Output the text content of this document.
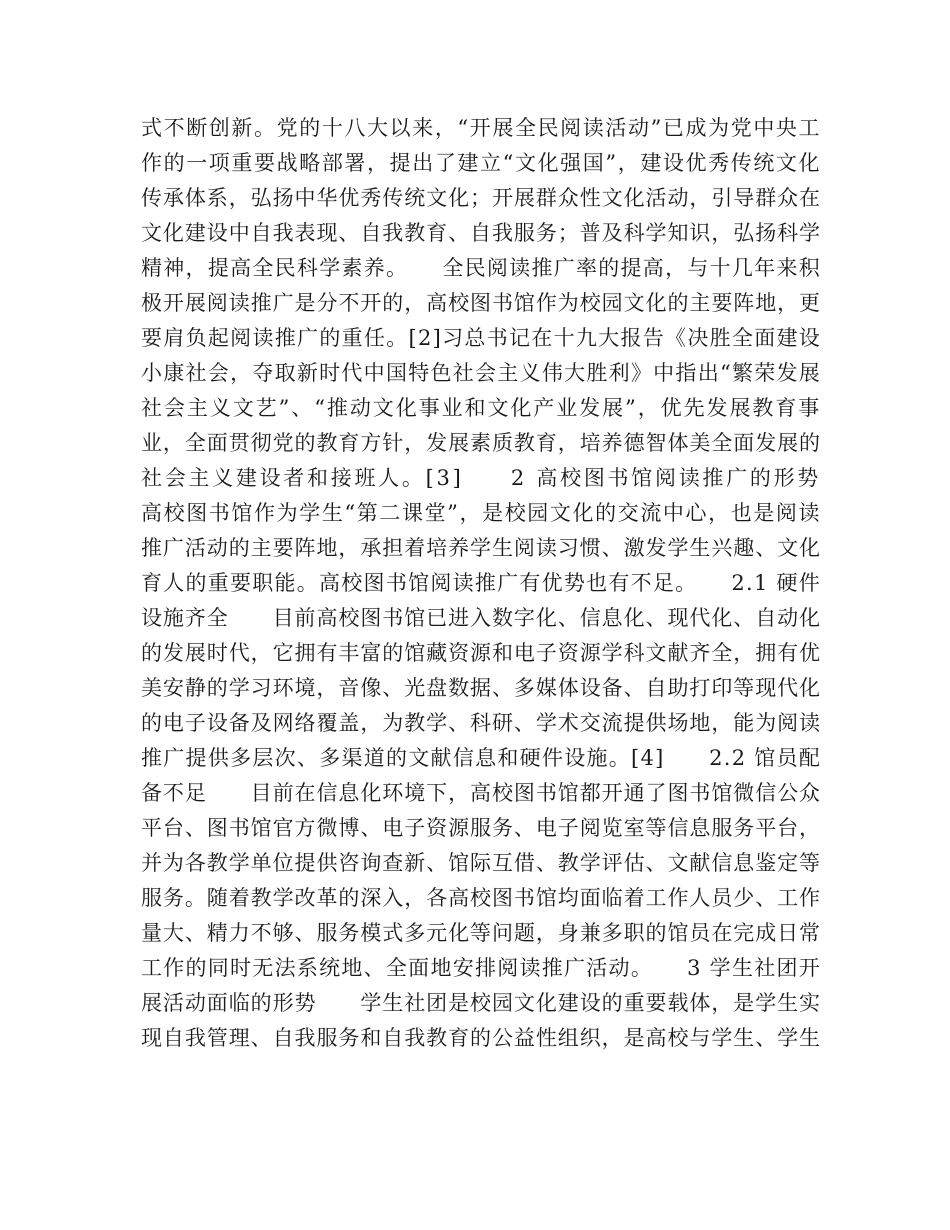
式不断创新。党的十八大以来，“开展全民阅读活动”已成为党中央工
作的一项重要战略部署，提出了建立“文化强国”，建设优秀传统文化
传承体系，弘扬中华优秀传统文化；开展群众性文化活动，引导群众在
文化建设中自我表现、自我教育、自我服务；普及科学知识，弘扬科学
精神，提高全民科学素养。　　全民阅读推广率的提高，与十几年来积
极开展阅读推广是分不开的，高校图书馆作为校园文化的主要阵地，更
要肩负起阅读推广的重任。[2]习总书记在十九大报告《决胜全面建设
小康社会，夺取新时代中国特色社会主义伟大胜利》中指出“繁荣发展
社会主义文艺”、“推动文化事业和文化产业发展”，优先发展教育事
业，全面贯彻党的教育方针，发展素质教育，培养德智体美全面发展的
社会主义建设者和接班人。[3]　　2 高校图书馆阅读推广的形势
高校图书馆作为学生“第二课堂”，是校园文化的交流中心，也是阅读
推广活动的主要阵地，承担着培养学生阅读习惯、激发学生兴趣、文化
育人的重要职能。高校图书馆阅读推广有优势也有不足。　　2.1 硬件
设施齐全　　目前高校图书馆已进入数字化、信息化、现代化、自动化
的发展时代，它拥有丰富的馆藏资源和电子资源学科文献齐全，拥有优
美安静的学习环境，音像、光盘数据、多媒体设备、自助打印等现代化
的电子设备及网络覆盖，为教学、科研、学术交流提供场地，能为阅读
推广提供多层次、多渠道的文献信息和硬件设施。[4]　　2.2 馆员配
备不足　　目前在信息化环境下，高校图书馆都开通了图书馆微信公众
平台、图书馆官方微博、电子资源服务、电子阅览室等信息服务平台，
并为各教学单位提供咨询查新、馆际互借、教学评估、文献信息鉴定等
服务。随着教学改革的深入，各高校图书馆均面临着工作人员少、工作
量大、精力不够、服务模式多元化等问题，身兼多职的馆员在完成日常
工作的同时无法系统地、全面地安排阅读推广活动。　　3 学生社团开
展活动面临的形势　　学生社团是校园文化建设的重要载体，是学生实
现自我管理、自我服务和自我教育的公益性组织，是高校与学生、学生
